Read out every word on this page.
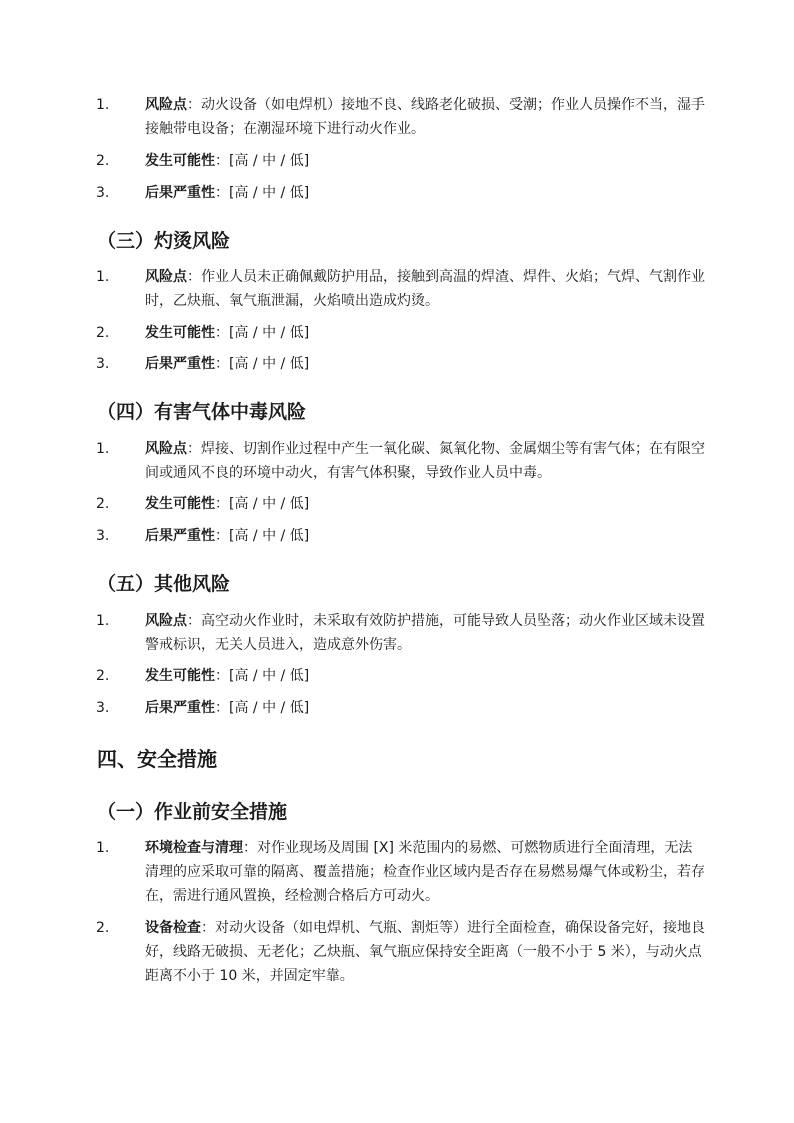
1.	风险点：动火设备（如电焊机）接地不良、线路老化破损、受潮；作业人员操作不当，湿手接触带电设备；在潮湿环境下进行动火作业。
2.	发生可能性：[高 / 中 / 低]
3.	后果严重性：[高 / 中 / 低]
（三）灼烫风险
1.	风险点：作业人员未正确佩戴防护用品，接触到高温的焊渣、焊件、火焰；气焊、气割作业时，乙炔瓶、氧气瓶泄漏，火焰喷出造成灼烫。
2.	发生可能性：[高 / 中 / 低]
3.	后果严重性：[高 / 中 / 低]
（四）有害气体中毒风险
1.	风险点：焊接、切割作业过程中产生一氧化碳、氮氧化物、金属烟尘等有害气体；在有限空间或通风不良的环境中动火，有害气体积聚，导致作业人员中毒。
2.	发生可能性：[高 / 中 / 低]
3.	后果严重性：[高 / 中 / 低]
（五）其他风险
1.	风险点：高空动火作业时，未采取有效防护措施，可能导致人员坠落；动火作业区域未设置警戒标识，无关人员进入，造成意外伤害。
2.	发生可能性：[高 / 中 / 低]
3.	后果严重性：[高 / 中 / 低]
四、安全措施
（一）作业前安全措施
1.	环境检查与清理：对作业现场及周围 [X] 米范围内的易燃、可燃物质进行全面清理，无法清理的应采取可靠的隔离、覆盖措施；检查作业区域内是否存在易燃易爆气体或粉尘，若存在，需进行通风置换，经检测合格后方可动火。
2.	设备检查：对动火设备（如电焊机、气瓶、割炬等）进行全面检查，确保设备完好，接地良好，线路无破损、无老化；乙炔瓶、氧气瓶应保持安全距离（一般不小于 5 米），与动火点距离不小于 10 米，并固定牢靠。
